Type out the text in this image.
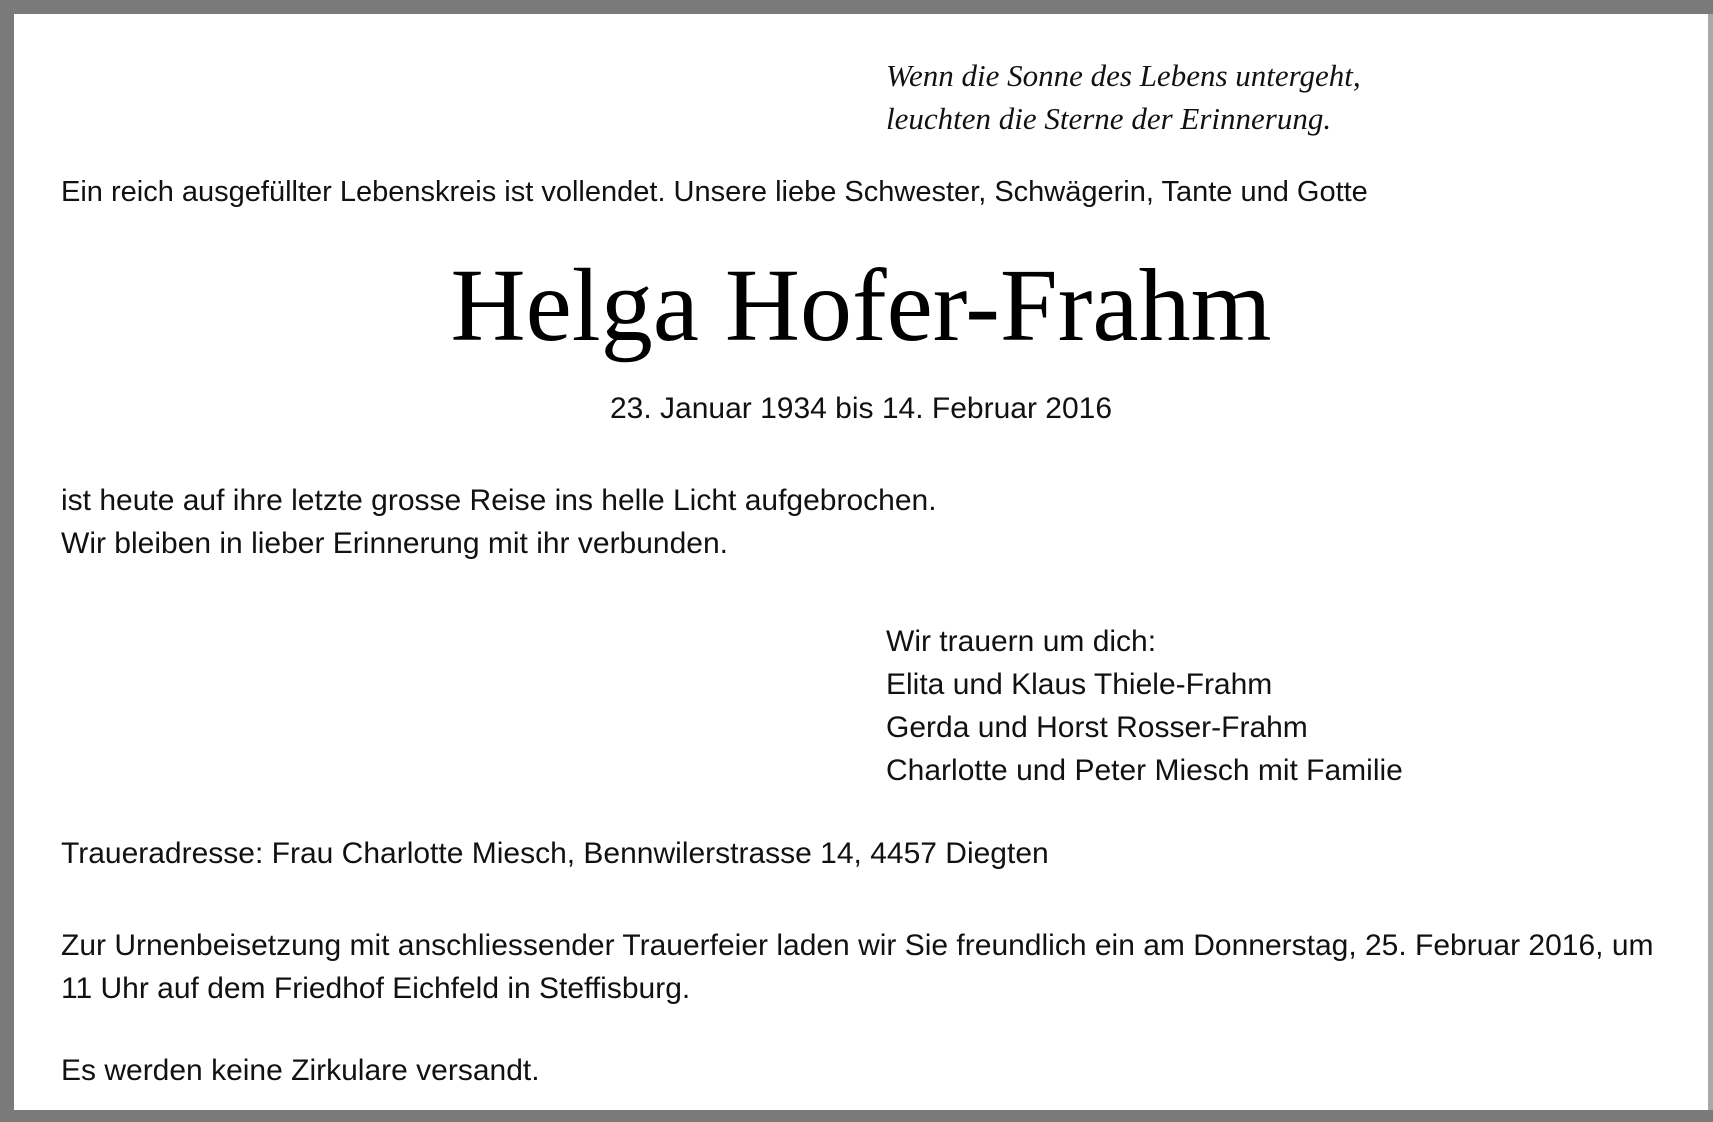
Wenn die Sonne des Lebens untergeht,
leuchten die Sterne der Erinnerung.
Ein reich ausgefüllter Lebenskreis ist vollendet. Unsere liebe Schwester, Schwägerin, Tante und Gotte
Helga Hofer-Frahm
23. Januar 1934 bis 14. Februar 2016
ist heute auf ihre letzte grosse Reise ins helle Licht aufgebrochen.
Wir bleiben in lieber Erinnerung mit ihr verbunden.
Wir trauern um dich:
Elita und Klaus Thiele-Frahm
Gerda und Horst Rosser-Frahm
Charlotte und Peter Miesch mit Familie
Traueradresse: Frau Charlotte Miesch, Bennwilerstrasse 14, 4457 Diegten
Zur Urnenbeisetzung mit anschliessender Trauerfeier laden wir Sie freundlich ein am Donnerstag, 25. Februar 2016, um 11 Uhr auf dem Friedhof Eichfeld in Steffisburg.
Es werden keine Zirkulare versandt.
